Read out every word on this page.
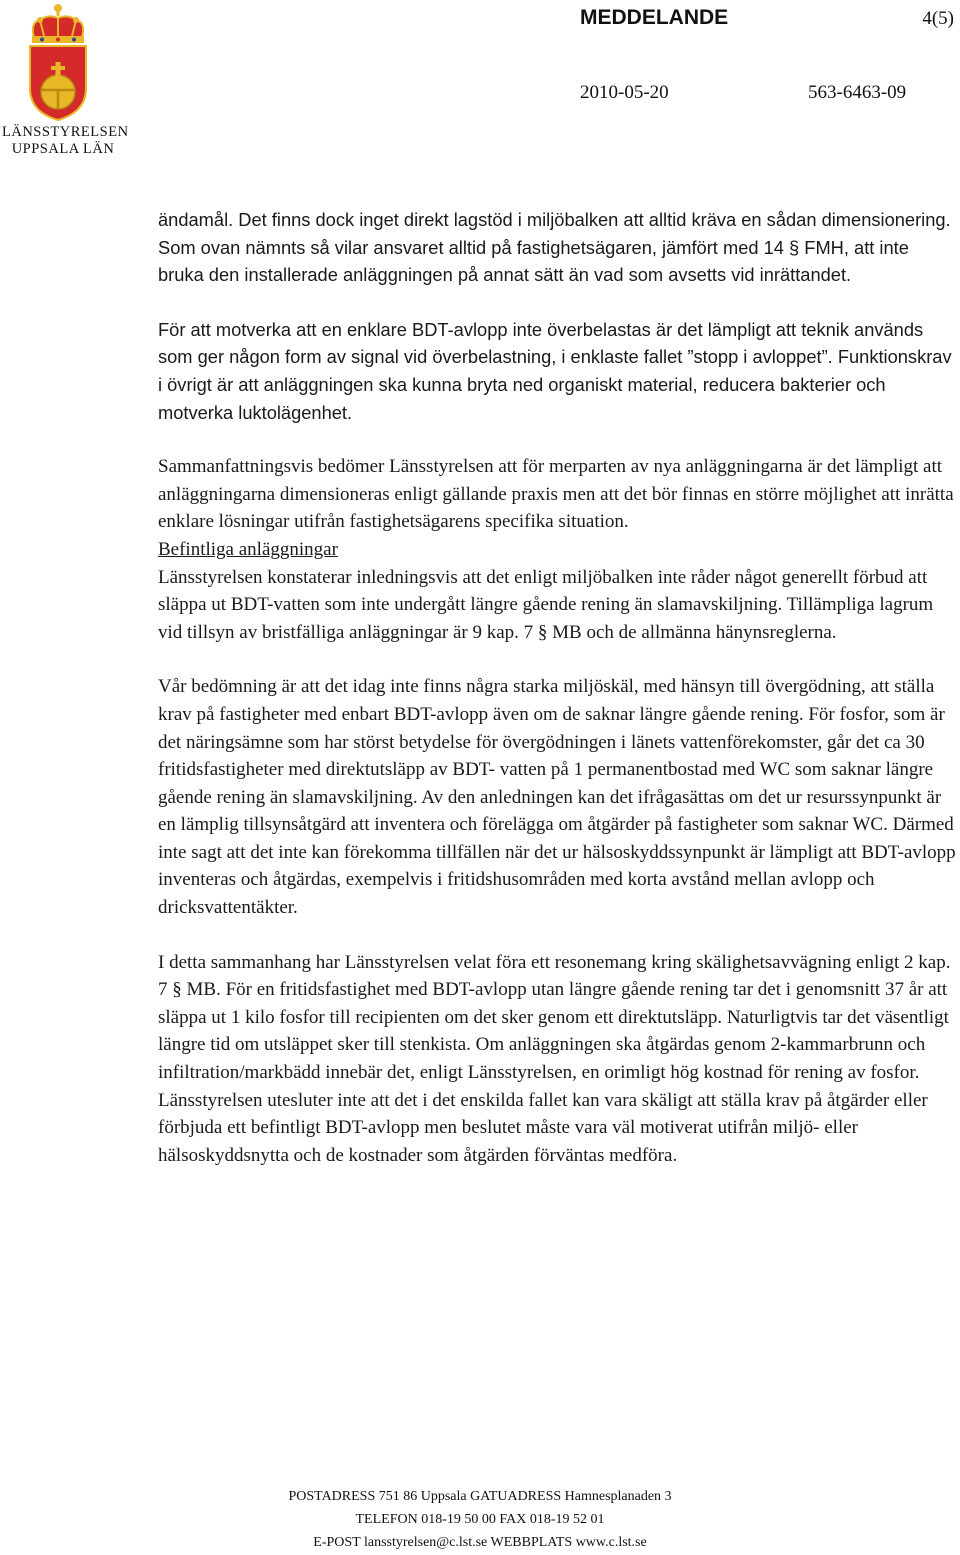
LÄNSSTYRELSEN
UPPSALA LÄN
MEDDELANDE	4(5)
2010-05-20	563-6463-09

ändamål. Det finns dock inget direkt lagstöd i miljöbalken att alltid kräva en sådan dimensionering. Som ovan nämnts så vilar ansvaret alltid på fastighetsägaren, jämfört med 14 § FMH, att inte bruka den installerade anläggningen på annat sätt än vad som avsetts vid inrättandet.

För att motverka att en enklare BDT-avlopp inte överbelastas är det lämpligt att teknik används som ger någon form av signal vid överbelastning, i enklaste fallet ”stopp i avloppet”. Funktionskrav i övrigt är att anläggningen ska kunna bryta ned organiskt material, reducera bakterier och motverka luktolägenhet.

Sammanfattningsvis bedömer Länsstyrelsen att för merparten av nya anläggningarna är det lämpligt att anläggningarna dimensioneras enligt gällande praxis men att det bör finnas en större möjlighet att inrätta enklare lösningar utifrån fastighetsägarens specifika situation.

Befintliga anläggningar

Länsstyrelsen konstaterar inledningsvis att det enligt miljöbalken inte råder något generellt förbud att släppa ut BDT-vatten som inte undergått längre gående rening än slamavskiljning. Tillämpliga lagrum vid tillsyn av bristfälliga anläggningar är 9 kap. 7 § MB och de allmänna hänynsreglerna.

Vår bedömning är att det idag inte finns några starka miljöskäl, med hänsyn till övergödning, att ställa krav på fastigheter med enbart BDT-avlopp även om de saknar längre gående rening. För fosfor, som är det näringsämne som har störst betydelse för övergödningen i länets vattenförekomster, går det ca 30 fritidsfastigheter med direktutsläpp av BDT- vatten på 1 permanentbostad med WC som saknar längre gående rening än slamavskiljning. Av den anledningen kan det ifrågasättas om det ur resurssynpunkt är en lämplig tillsynsåtgärd att inventera och förelägga om åtgärder på fastigheter som saknar WC. Därmed inte sagt att det inte kan förekomma tillfällen när det ur hälsoskyddssynpunkt är lämpligt att BDT-avlopp inventeras och åtgärdas, exempelvis i fritidshusområden med korta avstånd mellan avlopp och dricksvattentäkter.

I detta sammanhang har Länsstyrelsen velat föra ett resonemang kring skälighetsavvägning enligt 2 kap. 7 § MB. För en fritidsfastighet med BDT-avlopp utan längre gående rening tar det i genomsnitt 37 år att släppa ut 1 kilo fosfor till recipienten om det sker genom ett direktutsläpp. Naturligtvis tar det väsentligt längre tid om utsläppet sker till stenkista. Om anläggningen ska åtgärdas genom 2-kammarbrunn och infiltration/markbädd innebär det, enligt Länsstyrelsen, en orimligt hög kostnad för rening av fosfor. Länsstyrelsen utesluter inte att det i det enskilda fallet kan vara skäligt att ställa krav på åtgärder eller förbjuda ett befintligt BDT-avlopp men beslutet måste vara väl motiverat utifrån miljö- eller hälsoskyddsnytta och de kostnader som åtgärden förväntas medföra.

POSTADRESS 751 86 Uppsala GATUADRESS Hamnesplanaden 3
TELEFON 018-19 50 00 FAX 018-19 52 01
E-POST lansstyrelsen@c.lst.se WEBBPLATS www.c.lst.se
